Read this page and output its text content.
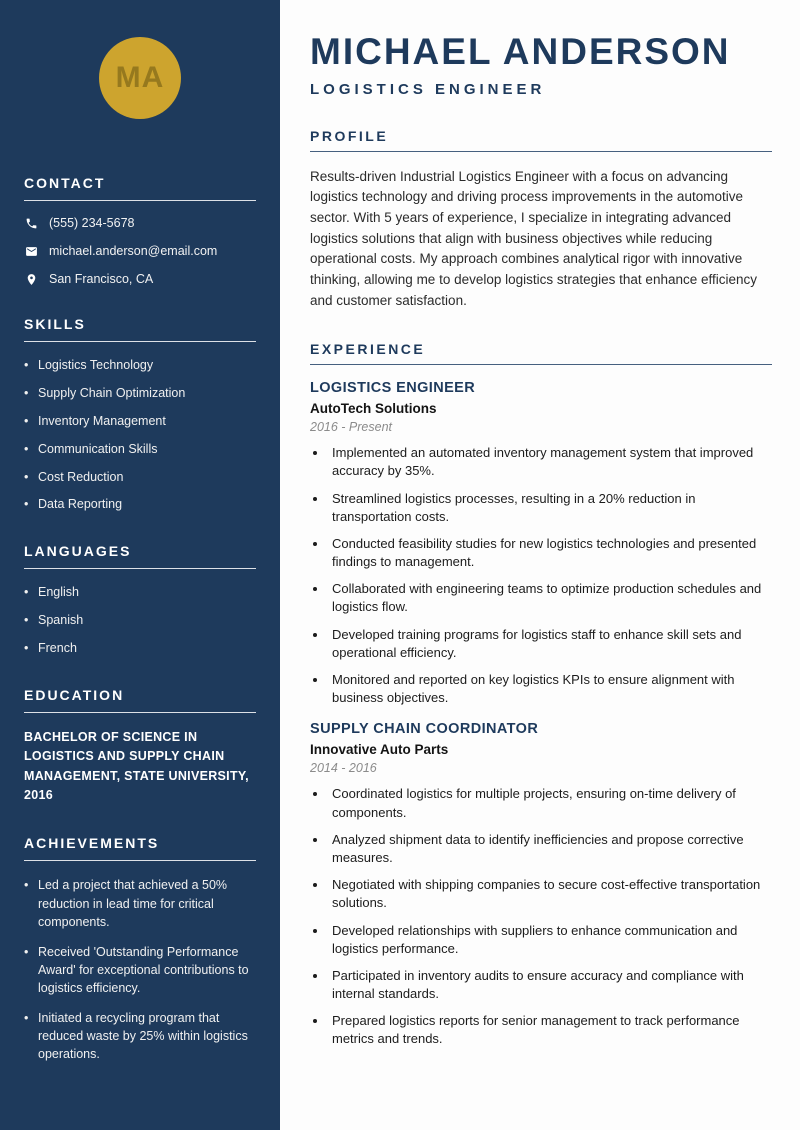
MA
CONTACT
(555) 234-5678
michael.anderson@email.com
San Francisco, CA
SKILLS
• Logistics Technology
• Supply Chain Optimization
• Inventory Management
• Communication Skills
• Cost Reduction
• Data Reporting
LANGUAGES
• English
• Spanish
• French
EDUCATION

BACHELOR OF SCIENCE IN LOGISTICS AND SUPPLY CHAIN MANAGEMENT, STATE UNIVERSITY, 2016

ACHIEVEMENTS
• Led a project that achieved a 50% reduction in lead time for critical components.
• Received 'Outstanding Performance Award' for exceptional contributions to logistics efficiency.
• Initiated a recycling program that reduced waste by 25% within logistics operations.
MICHAEL ANDERSON
LOGISTICS ENGINEER
PROFILE

Results-driven Industrial Logistics Engineer with a focus on advancing logistics technology and driving process improvements in the automotive sector. With 5 years of experience, I specialize in integrating advanced logistics solutions that align with business objectives while reducing operational costs. My approach combines analytical rigor with innovative thinking, allowing me to develop logistics strategies that enhance efficiency and customer satisfaction.

EXPERIENCE
LOGISTICS ENGINEER
AutoTech Solutions
2016 - Present
• Implemented an automated inventory management system that improved accuracy by 35%.
• Streamlined logistics processes, resulting in a 20% reduction in transportation costs.
• Conducted feasibility studies for new logistics technologies and presented findings to management.
• Collaborated with engineering teams to optimize production schedules and logistics flow.
• Developed training programs for logistics staff to enhance skill sets and operational efficiency.
• Monitored and reported on key logistics KPIs to ensure alignment with business objectives.
SUPPLY CHAIN COORDINATOR
Innovative Auto Parts
2014 - 2016
• Coordinated logistics for multiple projects, ensuring on-time delivery of components.
• Analyzed shipment data to identify inefficiencies and propose corrective measures.
• Negotiated with shipping companies to secure cost-effective transportation solutions.
• Developed relationships with suppliers to enhance communication and logistics performance.
• Participated in inventory audits to ensure accuracy and compliance with internal standards.
• Prepared logistics reports for senior management to track performance metrics and trends.
